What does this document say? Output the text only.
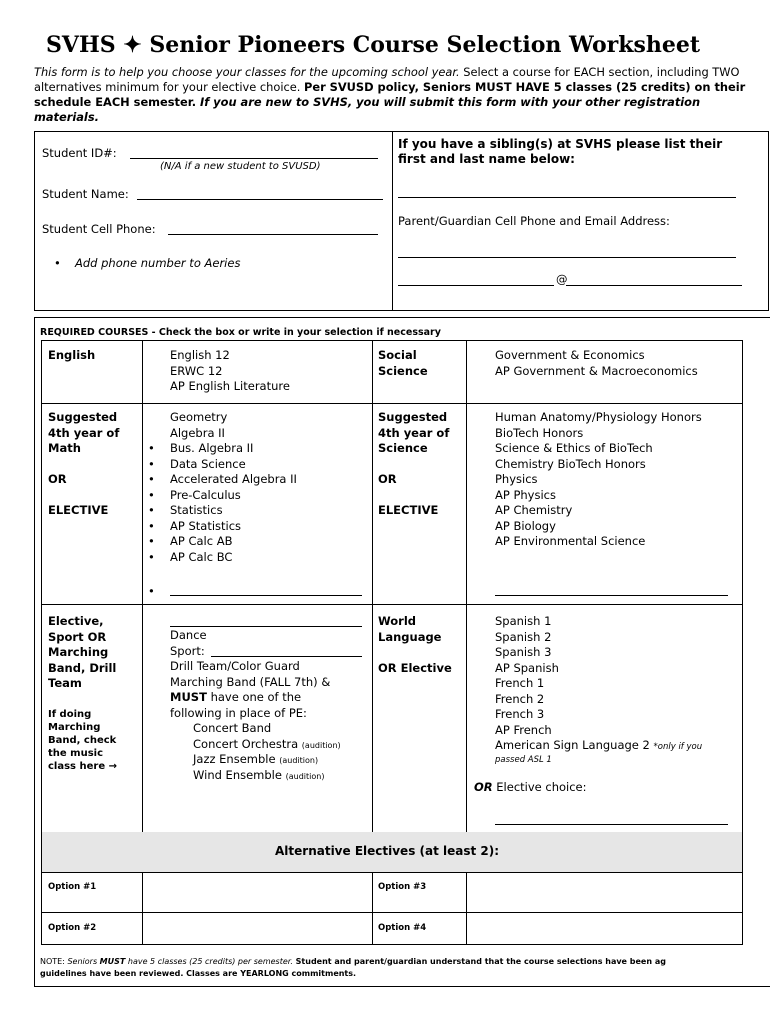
SVHS ✦ Senior Pioneers Course Selection Worksheet
This form is to help you choose your classes for the upcoming school year. Select a course for EACH section, including TWO alternatives minimum for your elective choice. Per SVUSD policy, Seniors MUST HAVE 5 classes (25 credits) on their schedule EACH semester. If you are new to SVHS, you will submit this form with your other registration materials.
Student ID#:
(N/A if a new student to SVUSD)
Student Name:
Student Cell Phone:
• Add phone number to Aeries
If you have a sibling(s) at SVHS please list their first and last name below:
Parent/Guardian Cell Phone and Email Address:
@
REQUIRED COURSES - Check the box or write in your selection if necessary
English	English 12
ERWC 12
AP English Literature
Social Science
Government & Economics
AP Government & Macroeconomics
Suggested
4th year of
Math
OR
ELECTIVE
Geometry
Algebra II
• Bus. Algebra II
• Data Science
• Accelerated Algebra II
• Pre-Calculus
• Statistics
• AP Statistics
• AP Calc AB
• AP Calc BC
•
Suggested
4th year of
Science
OR
ELECTIVE
Human Anatomy/Physiology Honors
BioTech Honors
Science & Ethics of BioTech
Chemistry BioTech Honors
Physics
AP Physics
AP Chemistry
AP Biology
AP Environmental Science
Elective,
Sport OR
Marching
Band, Drill
Team
If doing
Marching
Band, check
the music
class here →
Dance
Sport:
Drill Team/Color Guard
Marching Band (FALL 7th) &
MUST have one of the
following in place of PE:
Concert Band
Concert Orchestra (audition)
Jazz Ensemble (audition)
Wind Ensemble (audition)
World
Language
OR Elective
Spanish 1
Spanish 2
Spanish 3
AP Spanish
French 1
French 2
French 3
AP French
American Sign Language 2 *only if you
passed ASL 1
OR Elective choice:
Alternative Electives (at least 2):
Option #1
Option #2
Option #3
Option #4
NOTE: Seniors MUST have 5 classes (25 credits) per semester. Student and parent/guardian understand that the course selections have been ag
guidelines have been reviewed. Classes are YEARLONG commitments.
